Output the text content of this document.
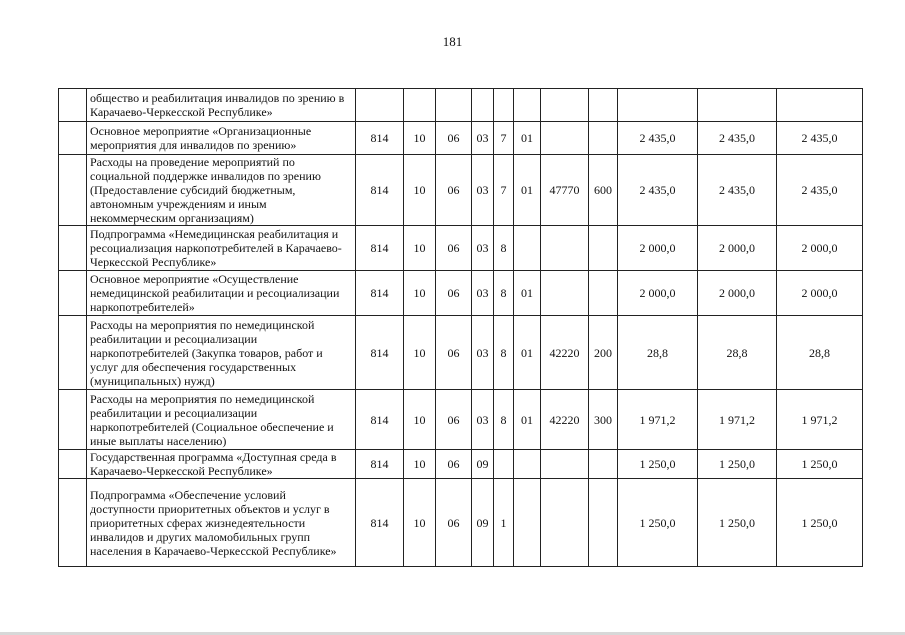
181
	общество и реабилитация инвалидов по зрению в Карачаево-Черкесской Республике»											
	Основное мероприятие «Организационные мероприятия для инвалидов по зрению»	814	10	06	03	7	01			2 435,0	2 435,0	2 435,0
	Расходы на проведение мероприятий по социальной поддержке инвалидов по зрению (Предоставление субсидий бюджетным, автономным учреждениям и иным некоммерческим организациям)	814	10	06	03	7	01	47770	600	2 435,0	2 435,0	2 435,0
	Подпрограмма «Немедицинская реабилитация и ресоциализация наркопотребителей в Карачаево-Черкесской Республике»	814	10	06	03	8				2 000,0	2 000,0	2 000,0
	Основное мероприятие «Осуществление немедицинской реабилитации и ресоциализации наркопотребителей»	814	10	06	03	8	01			2 000,0	2 000,0	2 000,0
	Расходы на мероприятия по немедицинской реабилитации и ресоциализации наркопотребителей (Закупка товаров, работ и услуг для обеспечения государственных (муниципальных) нужд)	814	10	06	03	8	01	42220	200	28,8	28,8	28,8
	Расходы на мероприятия по немедицинской реабилитации и ресоциализации наркопотребителей (Социальное обеспечение и иные выплаты населению)	814	10	06	03	8	01	42220	300	1 971,2	1 971,2	1 971,2
	Государственная программа «Доступная среда в Карачаево-Черкесской Республике»	814	10	06	09					1 250,0	1 250,0	1 250,0
	Подпрограмма «Обеспечение условий доступности приоритетных объектов и услуг в приоритетных сферах жизнедеятельности инвалидов и других маломобильных групп населения в Карачаево-Черкесской Республике»	814	10	06	09	1				1 250,0	1 250,0	1 250,0
